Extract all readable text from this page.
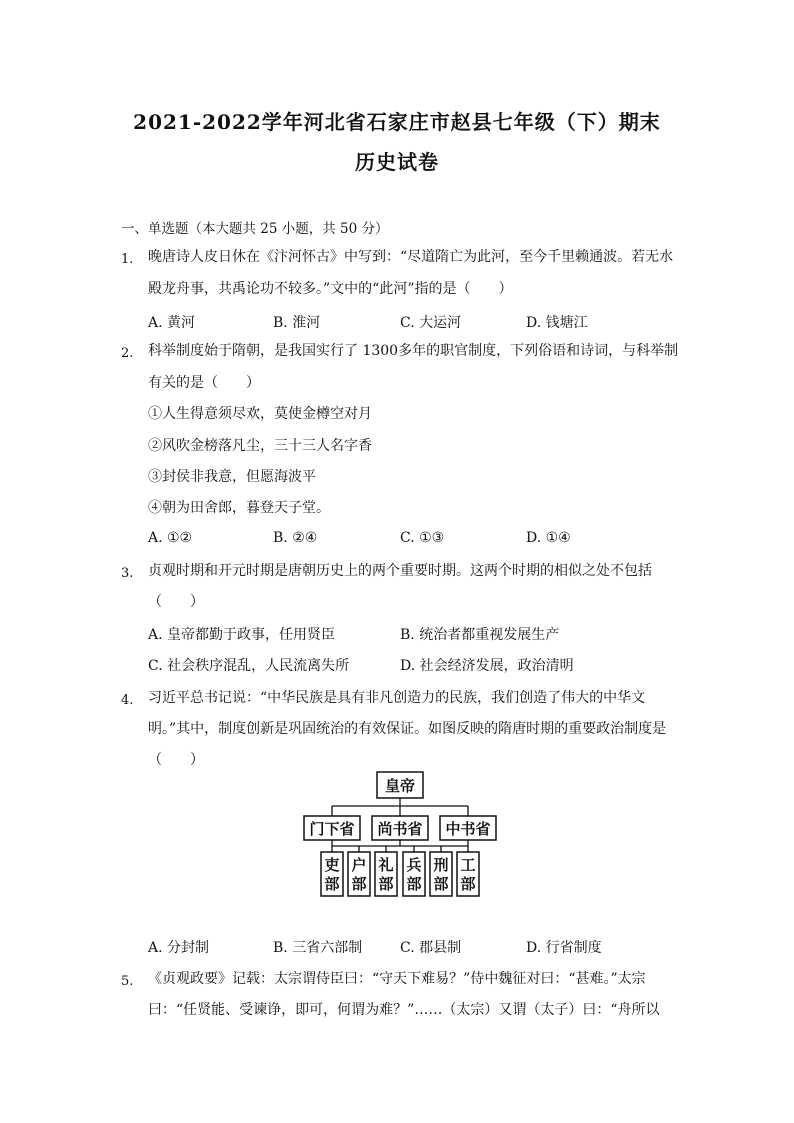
2021-2022学年河北省石家庄市赵县七年级（下）期末
历史试卷
一、单选题（本大题共 25 小题，共 50 分）
1. 晚唐诗人皮日休在《汴河怀古》中写到：“尽道隋亡为此河，至今千里赖通波。若无水
殿龙舟事，共禹论功不较多。”文中的“此河”指的是（　　）
A. 黄河	B. 淮河	C. 大运河	D. 钱塘江
2. 科举制度始于隋朝，是我国实行了 1300多年的职官制度，下列俗语和诗词，与科举制
有关的是（　　）
①人生得意须尽欢，莫使金樽空对月
②风吹金榜落凡尘，三十三人名字香
③封侯非我意，但愿海波平
④朝为田舍郎，暮登天子堂。
A. ①②	B. ②④	C. ①③	D. ①④
3. 贞观时期和开元时期是唐朝历史上的两个重要时期。这两个时期的相似之处不包括
（　　）
A. 皇帝都勤于政事，任用贤臣	B. 统治者都重视发展生产
C. 社会秩序混乱，人民流离失所	D. 社会经济发展，政治清明
4. 习近平总书记说：“中华民族是具有非凡创造力的民族，我们创造了伟大的中华文
明。”其中，制度创新是巩固统治的有效保证。如图反映的隋唐时期的重要政治制度是
（　　）
皇帝
门下省 尚书省 中书省
吏部
户部
礼部
兵部
刑部
工部
A. 分封制	B. 三省六部制	C. 郡县制	D. 行省制度
5. 《贞观政要》记载：太宗谓侍臣曰：“守天下难易？”侍中魏征对曰：“甚难。”太宗
曰：“任贤能、受谏诤，即可，何谓为难？”……（太宗）又谓（太子）曰：“舟所以
